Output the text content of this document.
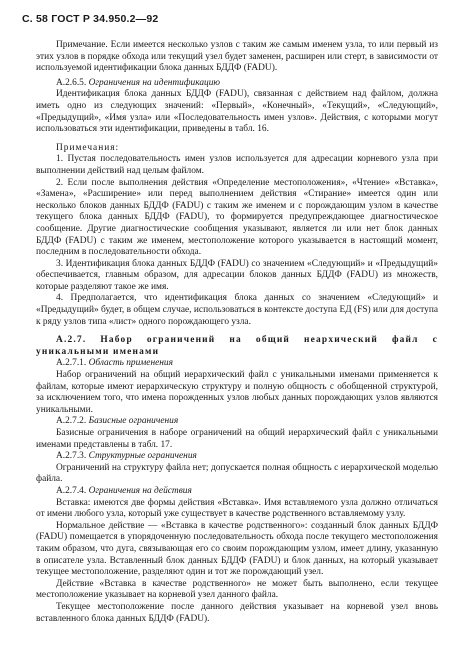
С. 58 ГОСТ Р 34.950.2—92

Примечание. Если имеется несколько узлов с таким же самым именем узла, то или первый из этих узлов в порядке обхода или текущий узел будет заменен, расширен или стерт, в зависимости от используемой идентификации блока данных БДДФ (FADU).

A.2.6.5. Ограничения на идентификацию

Идентификация блока данных БДДФ (FADU), связанная с действием над файлом, должна иметь одно из следующих значений: «Первый», «Конечный», «Текущий», «Следующий», «Предыдущий», «Имя узла» или «Последовательность имен узлов». Действия, с которыми могут использоваться эти идентификации, приведены в табл. 16.

Примечания:

1. Пустая последовательность имен узлов используется для адресации корневого узла при выполнении действий над целым файлом.

2. Если после выполнения действия «Определение местоположения», «Чтение» «Вставка», «Замена», «Расширение» или перед выполнением действия «Стирание» имеется один или несколько блоков данных БДДФ (FADU) с таким же именем и с порождающим узлом в качестве текущего блока данных БДДФ (FADU), то формируется предупреждающее диагностическое сообщение. Другие диагностические сообщения указывают, является ли или нет блок данных БДДФ (FADU) с таким же именем, местоположение которого указывается в настоящий момент, последним в последовательности обхода.

3. Идентификация блока данных БДДФ (FADU) со значением «Следующий» и «Предыдущий» обеспечивается, главным образом, для адресации блоков данных БДДФ (FADU) из множеств, которые разделяют такое же имя.

4. Предполагается, что идентификация блока данных со значением «Следующий» и «Предыдущий» будет, в общем случае, использоваться в контексте доступа ЕД (FS) или для доступа к ряду узлов типа «лист» одного порождающего узла.

A.2.7. Набор ограничений на общий неархический файл с уникальными именами

A.2.7.1. Область применения

Набор ограничений на общий иерархический файл с уникальными именами применяется к файлам, которые имеют иерархическую структуру и полную общность с обобщенной структурой, за исключением того, что имена порожденных узлов любых данных порождающих узлов являются уникальными.

A.2.7.2. Базисные ограничения

Базисные ограничения в наборе ограничений на общий иерархический файл с уникальными именами представлены в табл. 17.

A.2.7.3. Структурные ограничения

Ограничений на структуру файла нет; допускается полная общность с иерархической моделью файла.

A.2.7.4. Ограничения на действия

Вставка: имеются две формы действия «Вставка». Имя вставляемого узла должно отличаться от имени любого узла, который уже существует в качестве родственного вставляемому узлу.

Нормальное действие — «Вставка в качестве родственного»: созданный блок данных БДДФ (FADU) помещается в упорядоченную последовательность обхода после текущего местоположения таким образом, что дуга, связывающая его со своим порождающим узлом, имеет длину, указанную в описателе узла. Вставленный блок данных БДДФ (FADU) и блок данных, на который указывает текущее местоположение, разделяют один и тот же порождающий узел.

Действие «Вставка в качестве родственного» не может быть выполнено, если текущее местоположение указывает на корневой узел данного файла.

Текущее местоположение после данного действия указывает на корневой узел вновь вставленного блока данных БДДФ (FADU).
